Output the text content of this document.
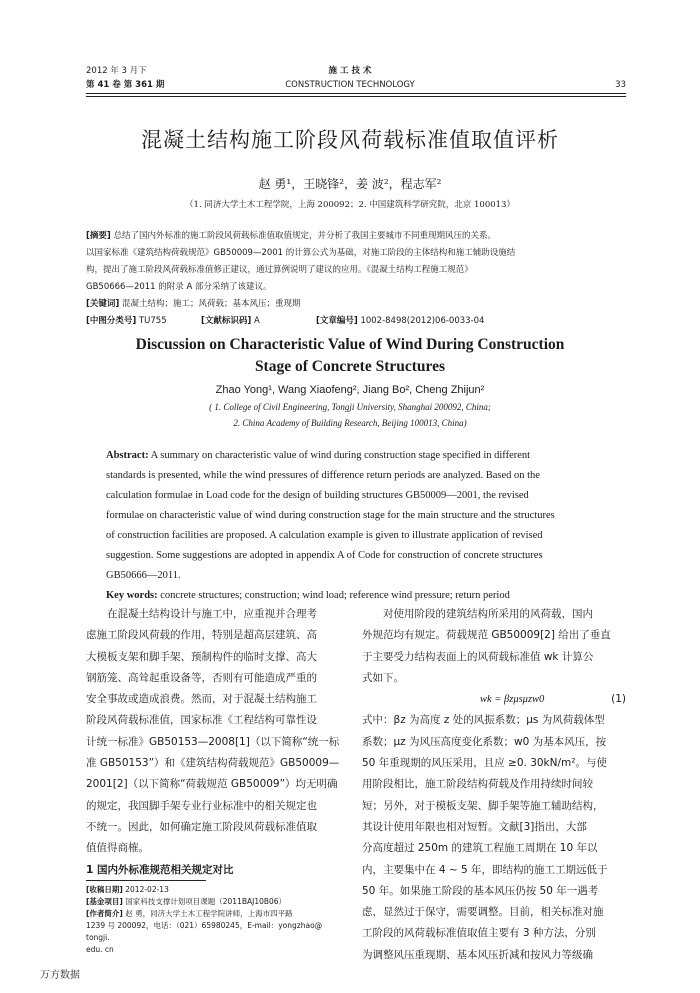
2012 年 3 月下
第 41 卷 第 361 期
施 工 技 术
CONSTRUCTION TECHNOLOGY	33
混凝土结构施工阶段风荷载标准值取值评析
赵 勇¹，王晓锋²，姜 波²，程志军²
（1. 同济大学土木工程学院，上海 200092；2. 中国建筑科学研究院，北京 100013）
[摘要] 总结了国内外标准的施工阶段风荷载标准值取值规定，并分析了我国主要城市不同重现期风压的关系。
以国家标准《建筑结构荷载规范》GB50009—2001 的计算公式为基础，对施工阶段的主体结构和施工辅助设施结
构，提出了施工阶段风荷载标准值修正建议，通过算例说明了建议的应用。《混凝土结构工程施工规范》
GB50666—2011 的附录 A 部分采纳了该建议。
[关键词] 混凝土结构；施工；风荷载；基本风压；重现期
[中图分类号] TU755	[文献标识码] A	[文章编号] 1002-8498(2012)06-0033-04
Discussion on Characteristic Value of Wind During Construction
Stage of Concrete Structures
Zhao Yong¹, Wang Xiaofeng², Jiang Bo², Cheng Zhijun²
( 1. College of Civil Engineering, Tongji University, Shanghai 200092, China;
2. China Academy of Building Research, Beijing 100013, China)
Abstract: A summary on characteristic value of wind during construction stage specified in different
standards is presented, while the wind pressures of difference return periods are analyzed. Based on the
calculation formulae in Load code for the design of building structures GB50009—2001, the revised
formulae on characteristic value of wind during construction stage for the main structure and the structures
of construction facilities are proposed. A calculation example is given to illustrate application of revised
suggestion. Some suggestions are adopted in appendix A of Code for construction of concrete structures
GB50666—2011.
Key words: concrete structures; construction; wind load; reference wind pressure; return period
在混凝土结构设计与施工中，应重视并合理考
虑施工阶段风荷载的作用，特别是超高层建筑、高
大模板支架和脚手架、预制构件的临时支撑、高大
钢筋笼、高耸起重设备等，否则有可能造成严重的
安全事故或造成浪费。然而，对于混凝土结构施工
阶段风荷载标准值，国家标准《工程结构可靠性设
计统一标准》GB50153—2008[1]（以下简称“统一标
准 GB50153”）和《建筑结构荷载规范》GB50009—
2001[2]（以下简称“荷载规范 GB50009”）均无明确
的规定，我国脚手架专业行业标准中的相关规定也
不统一。因此，如何确定施工阶段风荷载标准值取
值值得商榷。
1 国内外标准规范相关规定对比
[收稿日期] 2012-02-13
[基金项目] 国家科技支撑计划项目课题（2011BAJ10B06）
[作者简介] 赵 勇，同济大学土木工程学院讲师，上海市四平路
1239 号 200092，电话：（021）65980245，E-mail：yongzhao@ tongji.
edu. cn
对使用阶段的建筑结构所采用的风荷载，国内
外规范均有规定。荷载规范 GB50009[2] 给出了垂直
于主要受力结构表面上的风荷载标准值 wk 计算公
式如下。
wk = βzμsμzw0	(1)
式中：βz 为高度 z 处的风振系数；μs 为风荷载体型
系数；μz 为风压高度变化系数；w0 为基本风压，按
50 年重现期的风压采用，且应 ≥0. 30kN/m²。与使
用阶段相比，施工阶段结构荷载及作用持续时间较
短；另外，对于模板支架、脚手架等施工辅助结构，
其设计使用年限也相对短暂。文献[3]指出，大部
分高度超过 250m 的建筑工程施工周期在 10 年以
内，主要集中在 4 ~ 5 年，即结构的施工工期远低于
50 年。如果施工阶段的基本风压仍按 50 年一遇考
虑，显然过于保守，需要调整。目前，相关标准对施
工阶段的风荷载标准值取值主要有 3 种方法，分别
为调整风压重现期、基本风压折减和按风力等级确
万方数据
